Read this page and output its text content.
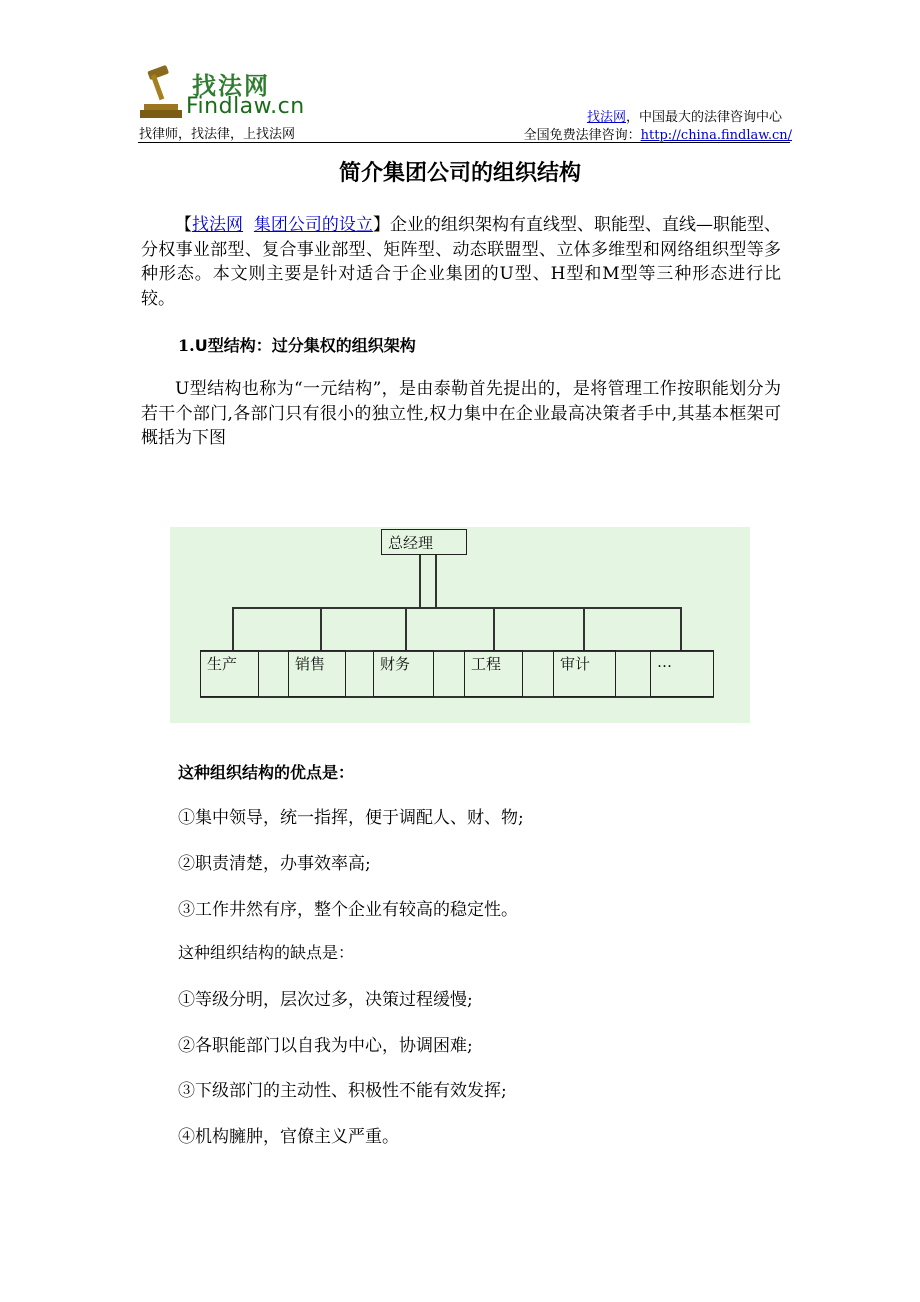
找法网
Findlaw.cn
找律师，找法律，上找法网
找法网，中国最大的法律咨询中心
全国免费法律咨询：http://china.findlaw.cn/
简介集团公司的组织结构
【找法网 集团公司的设立】企业的组织架构有直线型、职能型、直线—职能型、分权事业部型、复合事业部型、矩阵型、动态联盟型、立体多维型和网络组织型等多种形态。本文则主要是针对适合于企业集团的U型、H型和M型等三种形态进行比较。
1.U型结构：过分集权的组织架构
U型结构也称为“一元结构”，是由泰勒首先提出的，是将管理工作按职能划分为若干个部门,各部门只有很小的独立性,权力集中在企业最高决策者手中,其基本框架可概括为下图
总经理
生产	销售	财务	工程	审计	…
这种组织结构的优点是：
①集中领导，统一指挥，便于调配人、财、物;
②职责清楚，办事效率高;
③工作井然有序，整个企业有较高的稳定性。
这种组织结构的缺点是：
①等级分明，层次过多，决策过程缓慢;
②各职能部门以自我为中心，协调困难;
③下级部门的主动性、积极性不能有效发挥;
④机构臃肿，官僚主义严重。
